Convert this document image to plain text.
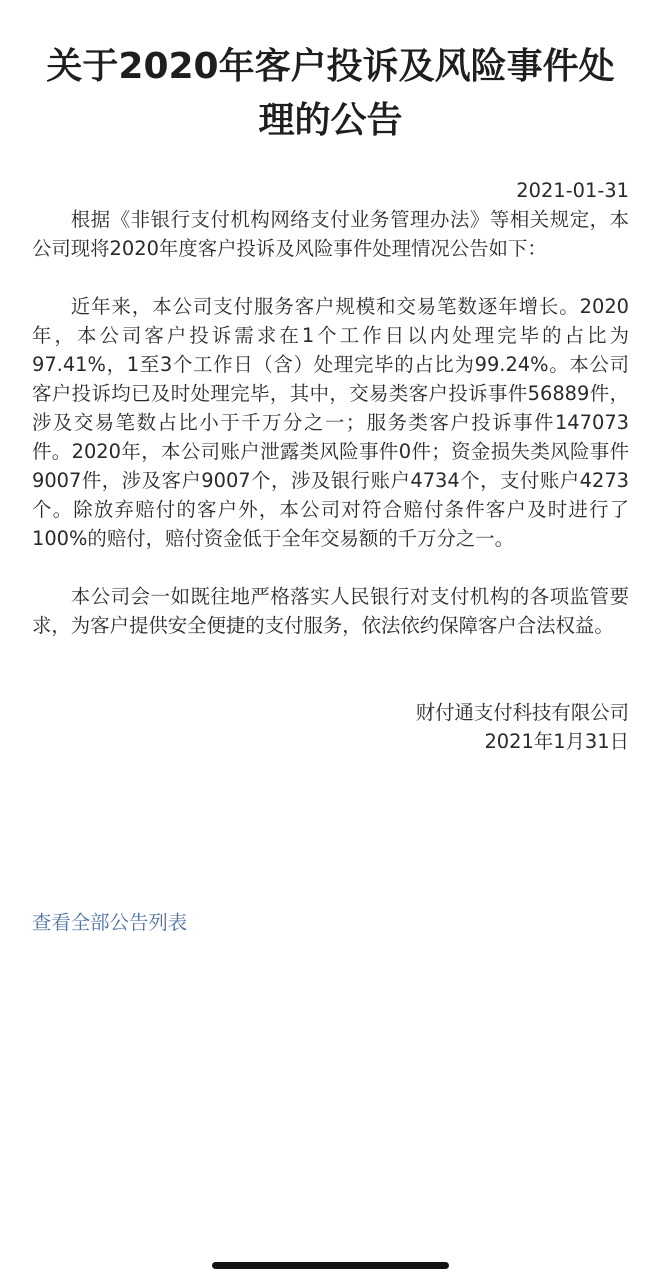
关于2020年客户投诉及风险事件处理的公告

2021-01-31

根据《非银行支付机构网络支付业务管理办法》等相关规定，本公司现将2020年度客户投诉及风险事件处理情况公告如下：

近年来，本公司支付服务客户规模和交易笔数逐年增长。2020年，本公司客户投诉需求在1个工作日以内处理完毕的占比为97.41%，1至3个工作日（含）处理完毕的占比为99.24%。本公司客户投诉均已及时处理完毕，其中，交易类客户投诉事件56889件，涉及交易笔数占比小于千万分之一；服务类客户投诉事件147073件。2020年，本公司账户泄露类风险事件0件；资金损失类风险事件9007件，涉及客户9007个，涉及银行账户4734个，支付账户4273个。除放弃赔付的客户外，本公司对符合赔付条件客户及时进行了100%的赔付，赔付资金低于全年交易额的千万分之一。

本公司会一如既往地严格落实人民银行对支付机构的各项监管要求，为客户提供安全便捷的支付服务，依法依约保障客户合法权益。

财付通支付科技有限公司

2021年1月31日

查看全部公告列表
